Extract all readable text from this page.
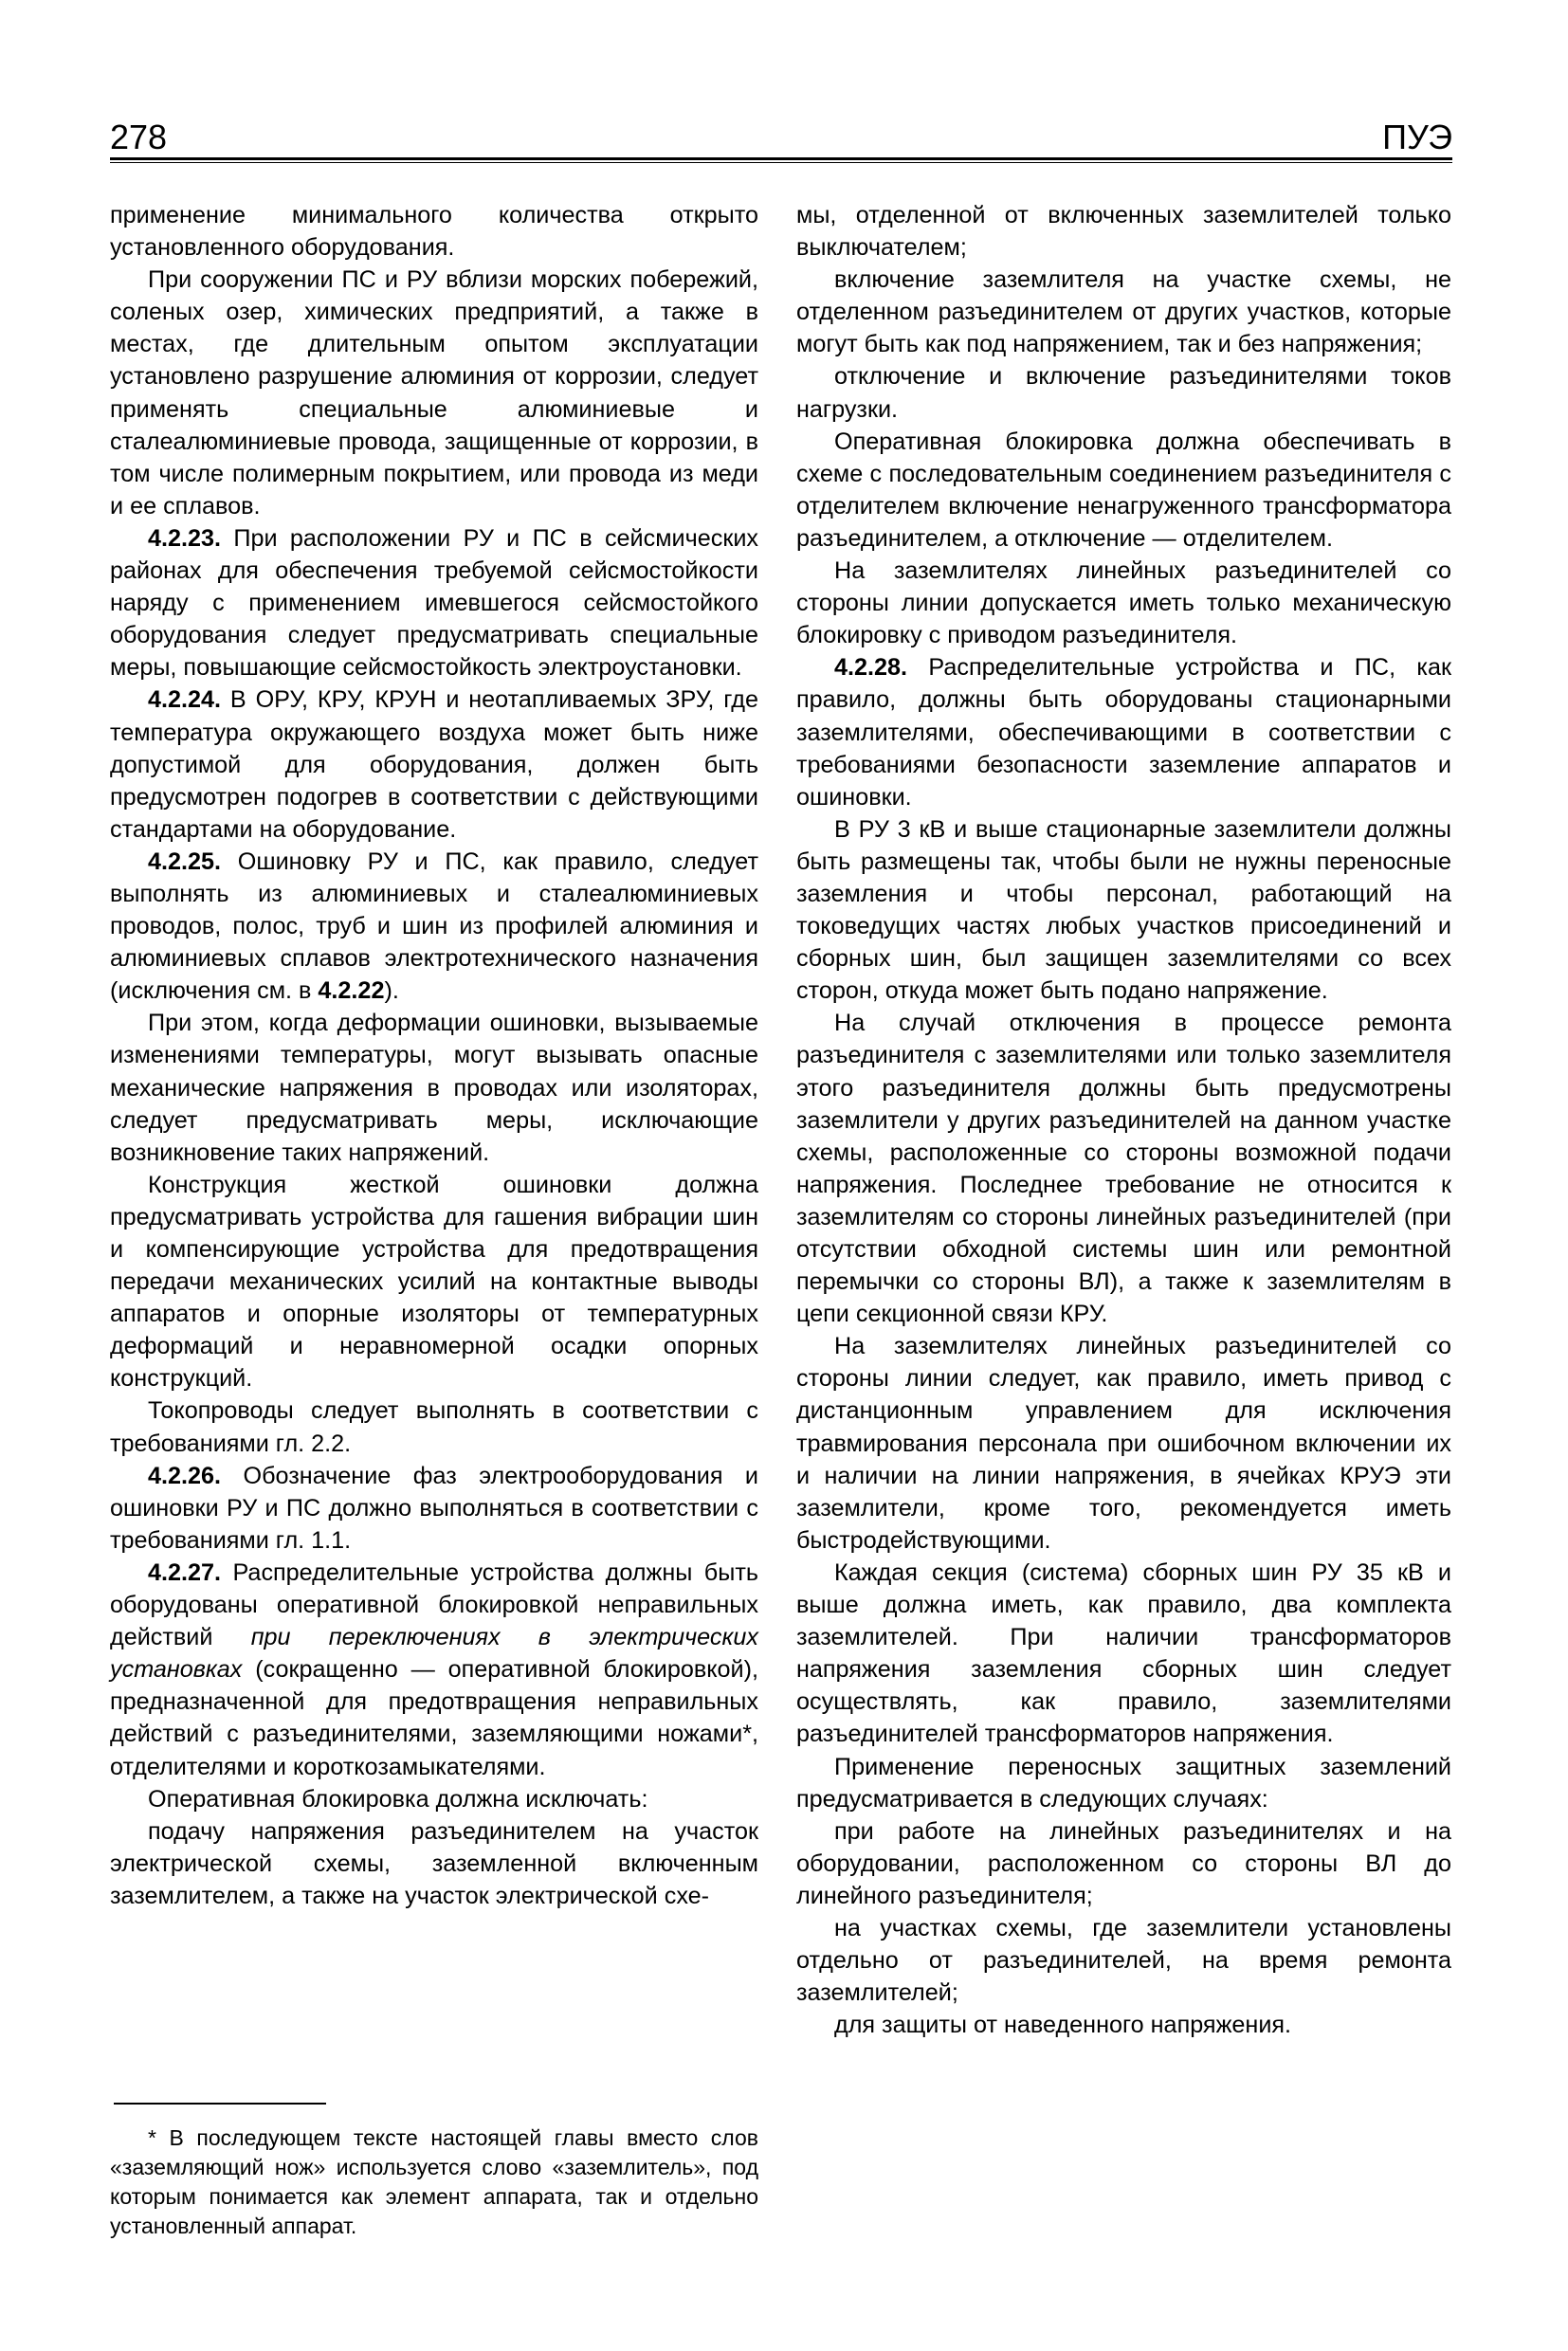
278	ПУЭ

применение минимального количества открыто установленного оборудования.

При сооружении ПС и РУ вблизи морских побережий, соленых озер, химических предприятий, а также в местах, где длительным опытом эксплуатации установлено разрушение алюминия от коррозии, следует применять специальные алюминиевые и сталеалюминиевые провода, защищенные от коррозии, в том числе полимерным покрытием, или провода из меди и ее сплавов.

4.2.23. При расположении РУ и ПС в сейсмических районах для обеспечения требуемой сейсмостойкости наряду с применением имевшегося сейсмостойкого оборудования следует предусматривать специальные меры, повышающие сейсмостойкость электроустановки.

4.2.24. В ОРУ, КРУ, КРУН и неотапливаемых ЗРУ, где температура окружающего воздуха может быть ниже допустимой для оборудования, должен быть предусмотрен подогрев в соответствии с действующими стандартами на оборудование.

4.2.25. Ошиновку РУ и ПС, как правило, следует выполнять из алюминиевых и сталеалюминиевых проводов, полос, труб и шин из профилей алюминия и алюминиевых сплавов электротехнического назначения (исключения см. в 4.2.22).

При этом, когда деформации ошиновки, вызываемые изменениями температуры, могут вызывать опасные механические напряжения в проводах или изоляторах, следует предусматривать меры, исключающие возникновение таких напряжений.

Конструкция жесткой ошиновки должна предусматривать устройства для гашения вибрации шин и компенсирующие устройства для предотвращения передачи механических усилий на контактные выводы аппаратов и опорные изоляторы от температурных деформаций и неравномерной осадки опорных конструкций.

Токопроводы следует выполнять в соответствии с требованиями гл. 2.2.

4.2.26. Обозначение фаз электрооборудования и ошиновки РУ и ПС должно выполняться в соответствии с требованиями гл. 1.1.

4.2.27. Распределительные устройства должны быть оборудованы оперативной блокировкой неправильных действий при переключениях в электрических установках (сокращенно — оперативной блокировкой), предназначенной для предотвращения неправильных действий с разъединителями, заземляющими ножами*, отделителями и короткозамыкателями.

Оперативная блокировка должна исключать:

подачу напряжения разъединителем на участок электрической схемы, заземленной включенным заземлителем, а также на участок электрической схе-

* В последующем тексте настоящей главы вместо слов «заземляющий нож» используется слово «заземлитель», под которым понимается как элемент аппарата, так и отдельно установленный аппарат.

мы, отделенной от включенных заземлителей только выключателем;

включение заземлителя на участке схемы, не отделенном разъединителем от других участков, которые могут быть как под напряжением, так и без напряжения;

отключение и включение разъединителями токов нагрузки.

Оперативная блокировка должна обеспечивать в схеме с последовательным соединением разъединителя с отделителем включение ненагруженного трансформатора разъединителем, а отключение — отделителем.

На заземлителях линейных разъединителей со стороны линии допускается иметь только механическую блокировку с приводом разъединителя.

4.2.28. Распределительные устройства и ПС, как правило, должны быть оборудованы стационарными заземлителями, обеспечивающими в соответствии с требованиями безопасности заземление аппаратов и ошиновки.

В РУ 3 кВ и выше стационарные заземлители должны быть размещены так, чтобы были не нужны переносные заземления и чтобы персонал, работающий на токоведущих частях любых участков присоединений и сборных шин, был защищен заземлителями со всех сторон, откуда может быть подано напряжение.

На случай отключения в процессе ремонта разъединителя с заземлителями или только заземлителя этого разъединителя должны быть предусмотрены заземлители у других разъединителей на данном участке схемы, расположенные со стороны возможной подачи напряжения. Последнее требование не относится к заземлителям со стороны линейных разъединителей (при отсутствии обходной системы шин или ремонтной перемычки со стороны ВЛ), а также к заземлителям в цепи секционной связи КРУ.

На заземлителях линейных разъединителей со стороны линии следует, как правило, иметь привод с дистанционным управлением для исключения травмирования персонала при ошибочном включении их и наличии на линии напряжения, в ячейках КРУЭ эти заземлители, кроме того, рекомендуется иметь быстродействующими.

Каждая секция (система) сборных шин РУ 35 кВ и выше должна иметь, как правило, два комплекта заземлителей. При наличии трансформаторов напряжения заземления сборных шин следует осуществлять, как правило, заземлителями разъединителей трансформаторов напряжения.

Применение переносных защитных заземлений предусматривается в следующих случаях:

при работе на линейных разъединителях и на оборудовании, расположенном со стороны ВЛ до линейного разъединителя;

на участках схемы, где заземлители установлены отдельно от разъединителей, на время ремонта заземлителей;

для защиты от наведенного напряжения.
